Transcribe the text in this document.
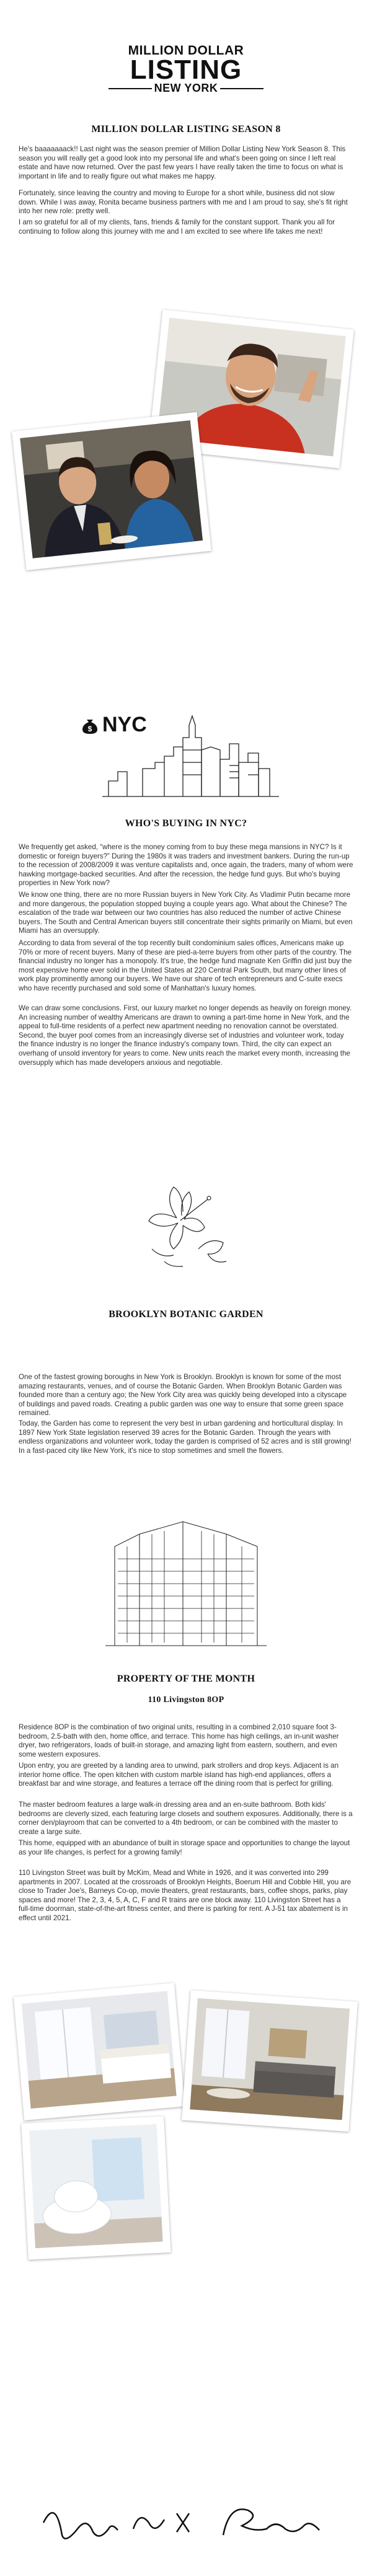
MILLION DOLLAR
LISTING
NEW YORK
MILLION DOLLAR LISTING SEASON 8

He's baaaaaaack!! Last night was the season premier of Million Dollar Listing New York Season 8. This season you will really get a good look into my personal life and what's been going on since I left real estate and have now returned. Over the past few years I have really taken the time to focus on what is important in life and to really figure out what makes me happy.

Fortunately, since leaving the country and moving to Europe for a short while, business did not slow down. While I was away, Ronita became business partners with me and I am proud to say, she's fit right into her new role: pretty well.

I am so grateful for all of my clients, fans, friends & family for the constant support. Thank you all for continuing to follow along this journey with me and I am excited to see where life takes me next!

$ NYC
WHO'S BUYING IN NYC?

We frequently get asked, “where is the money coming from to buy these mega mansions in NYC? Is it domestic or foreign buyers?” During the 1980s it was traders and investment bankers. During the run-up to the recession of 2008/2009 it was venture capitalists and, once again, the traders, many of whom were hawking mortgage-backed securities. And after the recession, the hedge fund guys. But who's buying properties in New York now?

We know one thing, there are no more Russian buyers in New York City. As Vladimir Putin became more and more dangerous, the population stopped buying a couple years ago. What about the Chinese? The escalation of the trade war between our two countries has also reduced the number of active Chinese buyers. The South and Central American buyers still concentrate their sights primarily on Miami, but even Miami has an oversupply.

According to data from several of the top recently built condominium sales offices, Americans make up 70% or more of recent buyers. Many of these are pied-a-terre buyers from other parts of the country. The financial industry no longer has a monopoly. It's true, the hedge fund magnate Ken Griffin did just buy the most expensive home ever sold in the United States at 220 Central Park South, but many other lines of work play prominently among our buyers. We have our share of tech entrepreneurs and C-suite execs who have recently purchased and sold some of Manhattan's luxury homes.

We can draw some conclusions. First, our luxury market no longer depends as heavily on foreign money. An increasing number of wealthy Americans are drawn to owning a part-time home in New York, and the appeal to full-time residents of a perfect new apartment needing no renovation cannot be overstated. Second, the buyer pool comes from an increasingly diverse set of industries and volunteer work, today the finance industry is no longer the finance industry's company town. Third, the city can expect an overhang of unsold inventory for years to come. New units reach the market every month, increasing the oversupply which has made developers anxious and negotiable.

BROOKLYN BOTANIC GARDEN

One of the fastest growing boroughs in New York is Brooklyn. Brooklyn is known for some of the most amazing restaurants, venues, and of course the Botanic Garden. When Brooklyn Botanic Garden was founded more than a century ago; the New York City area was quickly being developed into a cityscape of buildings and paved roads. Creating a public garden was one way to ensure that some green space remained.

Today, the Garden has come to represent the very best in urban gardening and horticultural display. In 1897 New York State legislation reserved 39 acres for the Botanic Garden. Through the years with endless organizations and volunteer work, today the garden is comprised of 52 acres and is still growing! In a fast-paced city like New York, it's nice to stop sometimes and smell the flowers.

PROPERTY OF THE MONTH
110 Livingston 8OP

Residence 8OP is the combination of two original units, resulting in a combined 2,010 square foot 3-bedroom, 2.5-bath with den, home office, and terrace. This home has high ceilings, an in-unit washer dryer, two refrigerators, loads of built-in storage, and amazing light from eastern, southern, and even some western exposures.

Upon entry, you are greeted by a landing area to unwind, park strollers and drop keys. Adjacent is an interior home office. The open kitchen with custom marble island has high-end appliances, offers a breakfast bar and wine storage, and features a terrace off the dining room that is perfect for grilling.

The master bedroom features a large walk-in dressing area and an en-suite bathroom. Both kids' bedrooms are cleverly sized, each featuring large closets and southern exposures. Additionally, there is a corner den/playroom that can be converted to a 4th bedroom, or can be combined with the master to create a large suite.

This home, equipped with an abundance of built in storage space and opportunities to change the layout as your life changes, is perfect for a growing family!

110 Livingston Street was built by McKim, Mead and White in 1926, and it was converted into 299 apartments in 2007. Located at the crossroads of Brooklyn Heights, Boerum Hill and Cobble Hill, you are close to Trader Joe's, Barneys Co-op, movie theaters, great restaurants, bars, coffee shops, parks, play spaces and more! The 2, 3, 4, 5, A, C, F and R trains are one block away. 110 Livingston Street has a full-time doorman, state-of-the-art fitness center, and there is parking for rent. A J-51 tax abatement is in effect until 2021.
